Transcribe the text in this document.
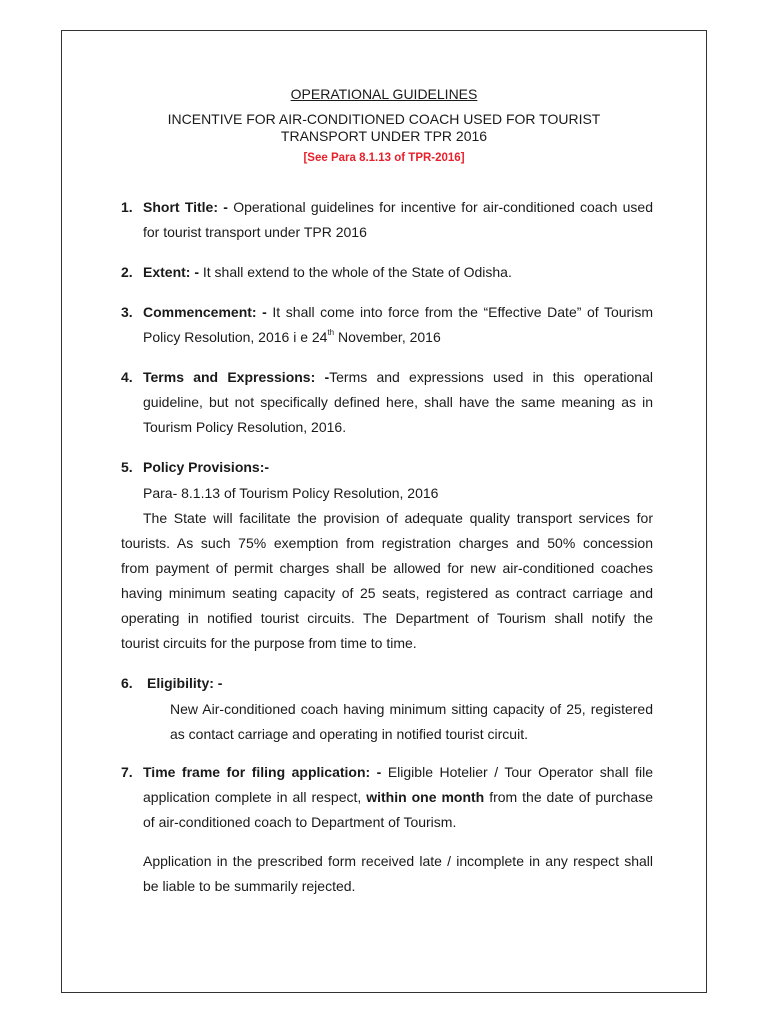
OPERATIONAL GUIDELINES
INCENTIVE FOR AIR-CONDITIONED COACH USED FOR TOURIST
TRANSPORT UNDER TPR 2016
[See Para 8.1.13 of TPR-2016]
1. Short Title: - Operational guidelines for incentive for air-conditioned coach used
for tourist transport under TPR 2016
2. Extent: - It shall extend to the whole of the State of Odisha.
3. Commencement: - It shall come into force from the “Effective Date” of Tourism
Policy Resolution, 2016 i e 24th November, 2016
4. Terms and Expressions: -Terms and expressions used in this operational
guideline, but not specifically defined here, shall have the same meaning as in
Tourism Policy Resolution, 2016.
5. Policy Provisions:-
Para- 8.1.13 of Tourism Policy Resolution, 2016
The State will facilitate the provision of adequate quality transport services for
tourists. As such 75% exemption from registration charges and 50% concession
from payment of permit charges shall be allowed for new air-conditioned coaches
having minimum seating capacity of 25 seats, registered as contract carriage and
operating in notified tourist circuits. The Department of Tourism shall notify the
tourist circuits for the purpose from time to time.
6. Eligibility: -
New Air-conditioned coach having minimum sitting capacity of 25, registered
as contact carriage and operating in notified tourist circuit.
7. Time frame for filing application: - Eligible Hotelier / Tour Operator shall file
application complete in all respect, within one month from the date of purchase
of air-conditioned coach to Department of Tourism.
Application in the prescribed form received late / incomplete in any respect shall
be liable to be summarily rejected.
